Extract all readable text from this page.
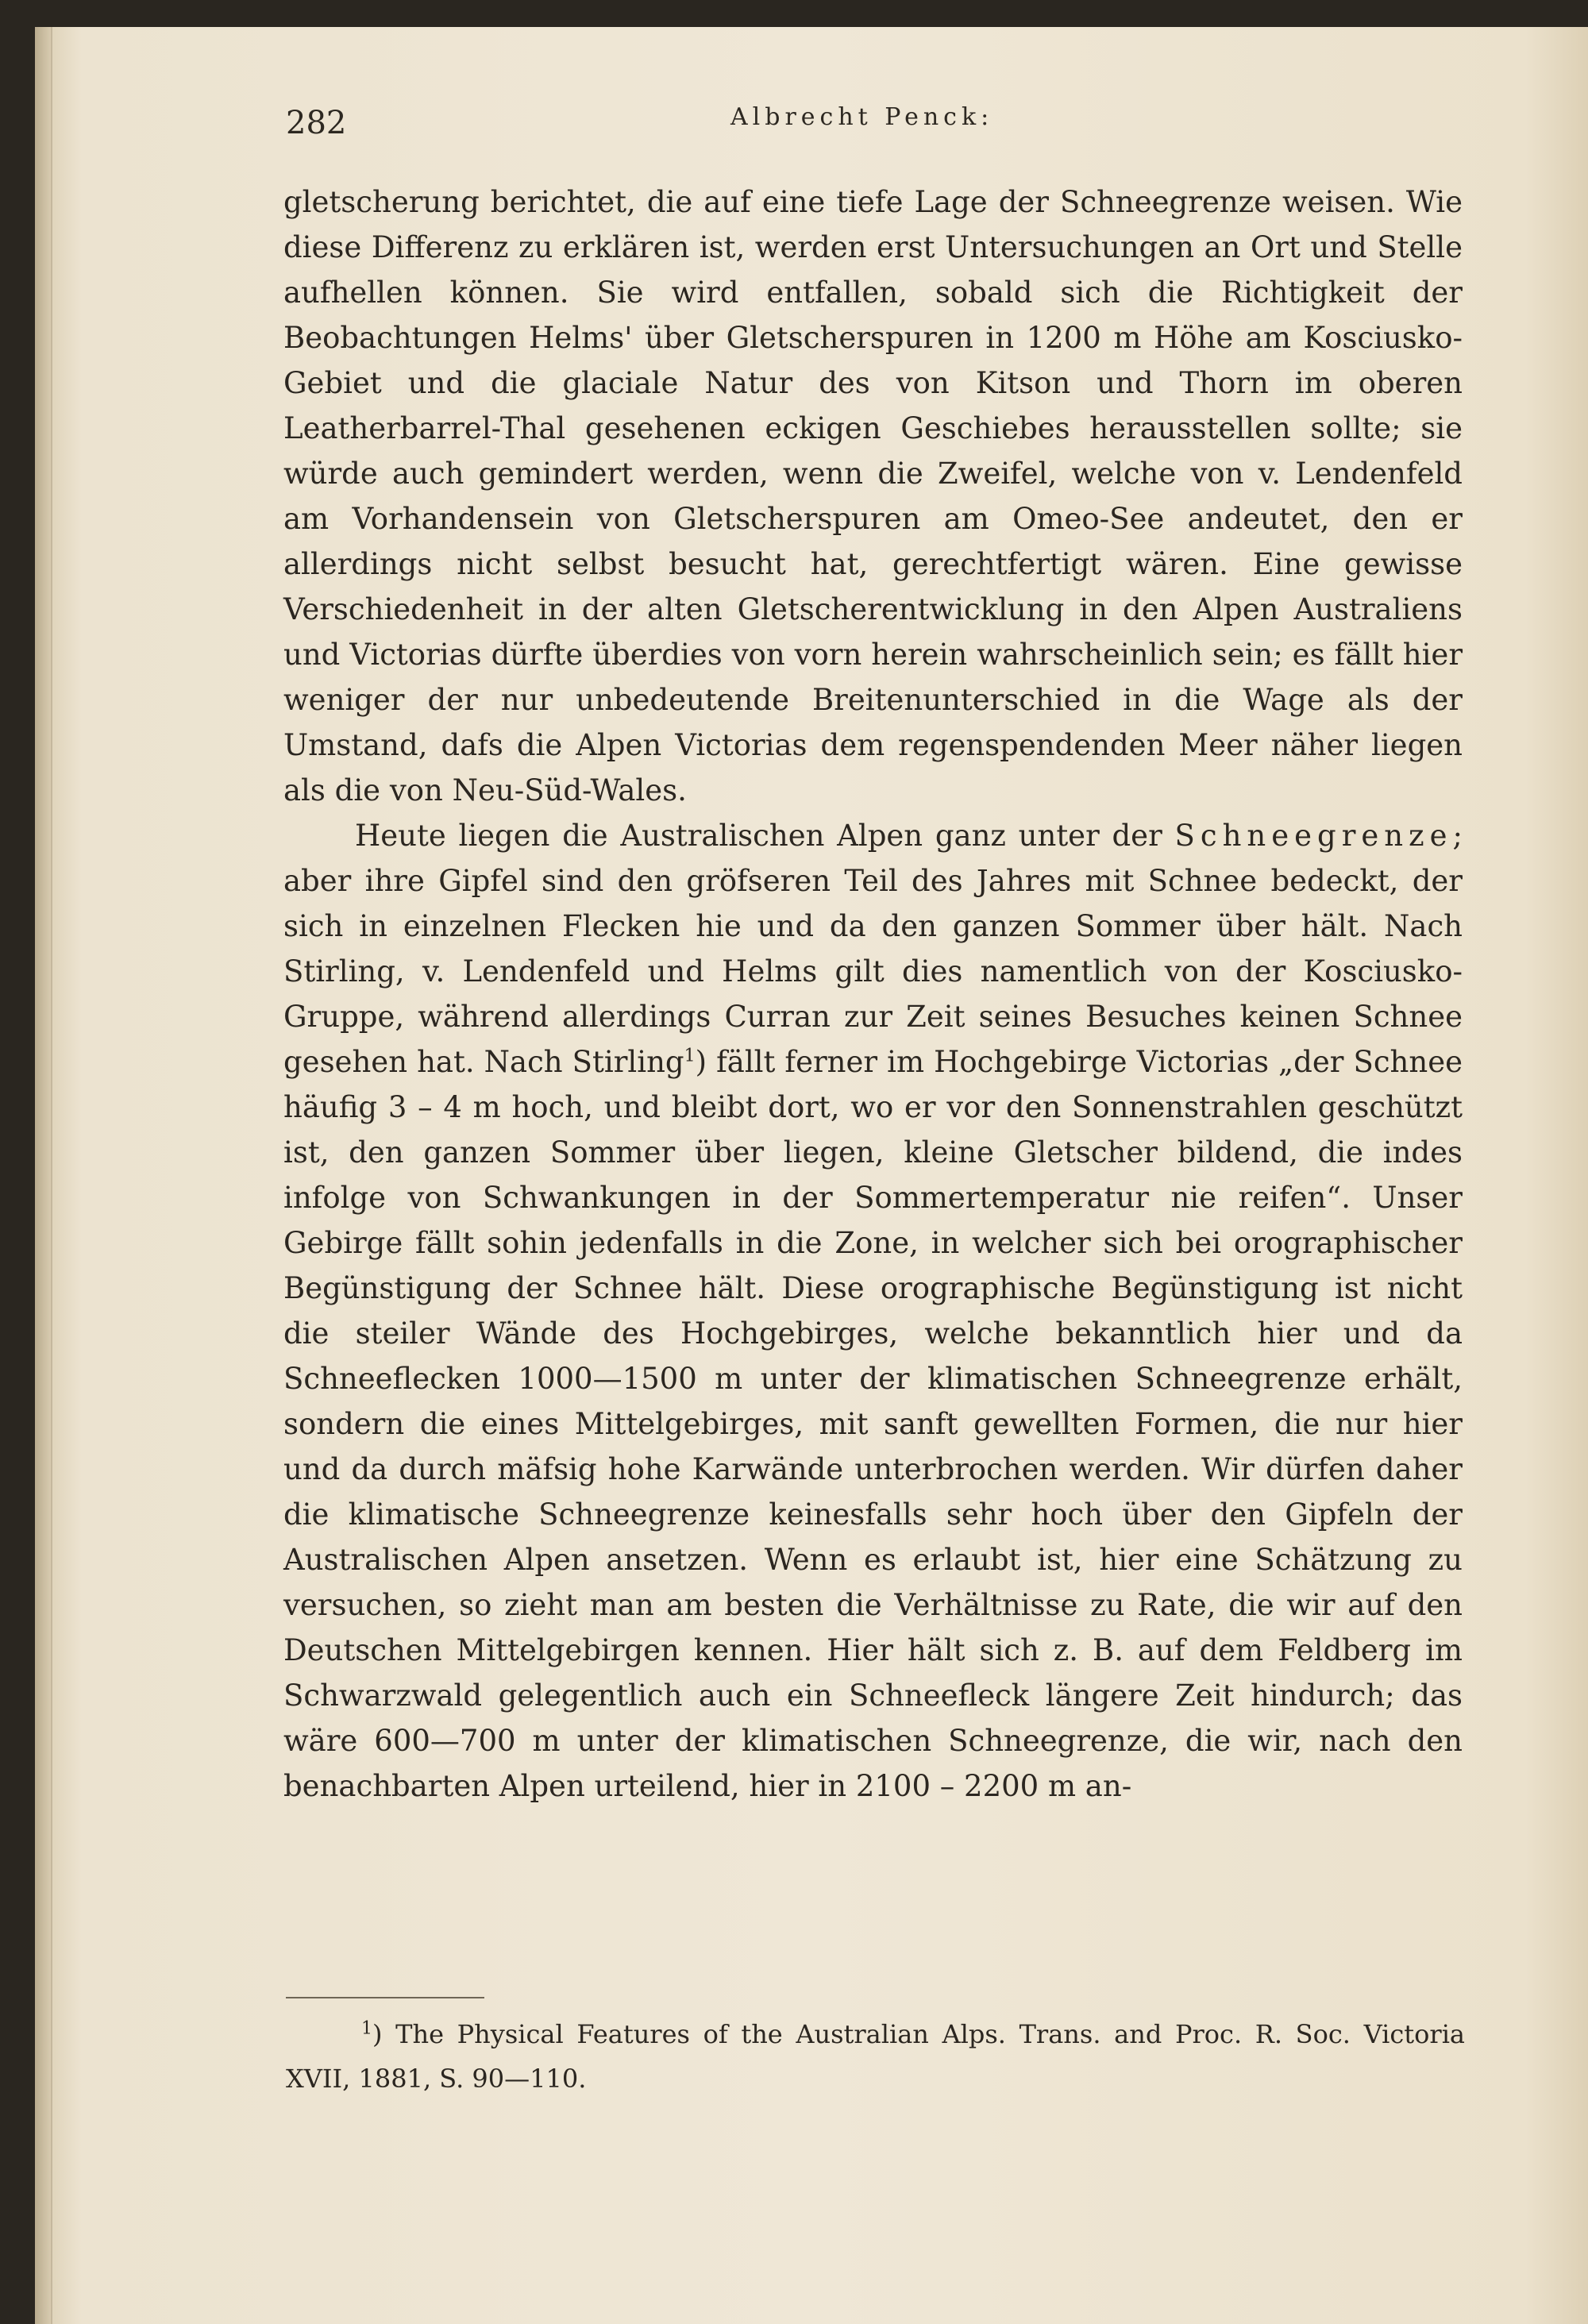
282	Albrecht Penck:

gletscherung berichtet, die auf eine tiefe Lage der Schneegrenze weisen. Wie diese Differenz zu erklären ist, werden erst Untersuchungen an Ort und Stelle aufhellen können. Sie wird entfallen, sobald sich die Richtigkeit der Beobachtungen Helms' über Gletscherspuren in 1200 m Höhe am Kosciusko-Gebiet und die glaciale Natur des von Kitson und Thorn im oberen Leatherbarrel-Thal gesehenen eckigen Geschiebes herausstellen sollte; sie würde auch gemindert werden, wenn die Zweifel, welche von v. Lendenfeld am Vorhandensein von Gletscherspuren am Omeo-See andeutet, den er allerdings nicht selbst besucht hat, gerechtfertigt wären. Eine gewisse Verschiedenheit in der alten Gletscherentwicklung in den Alpen Australiens und Victorias dürfte überdies von vorn herein wahrscheinlich sein; es fällt hier weniger der nur unbedeutende Breitenunterschied in die Wage als der Umstand, dafs die Alpen Victorias dem regenspendenden Meer näher liegen als die von Neu-Süd-Wales.

Heute liegen die Australischen Alpen ganz unter der Schneegrenze; aber ihre Gipfel sind den gröfseren Teil des Jahres mit Schnee bedeckt, der sich in einzelnen Flecken hie und da den ganzen Sommer über hält. Nach Stirling, v. Lendenfeld und Helms gilt dies namentlich von der Kosciusko-Gruppe, während allerdings Curran zur Zeit seines Besuches keinen Schnee gesehen hat. Nach Stirling$^1$) fällt ferner im Hochgebirge Victorias „der Schnee häufig 3 – 4 m hoch, und bleibt dort, wo er vor den Sonnenstrahlen geschützt ist, den ganzen Sommer über liegen, kleine Gletscher bildend, die indes infolge von Schwankungen in der Sommertemperatur nie reifen“. Unser Gebirge fällt sohin jedenfalls in die Zone, in welcher sich bei orographischer Begünstigung der Schnee hält. Diese orographische Begünstigung ist nicht die steiler Wände des Hochgebirges, welche bekanntlich hier und da Schneeflecken 1000—1500 m unter der klimatischen Schneegrenze erhält, sondern die eines Mittelgebirges, mit sanft gewellten Formen, die nur hier und da durch mäfsig hohe Karwände unterbrochen werden. Wir dürfen daher die klimatische Schneegrenze keinesfalls sehr hoch über den Gipfeln der Australischen Alpen ansetzen. Wenn es erlaubt ist, hier eine Schätzung zu versuchen, so zieht man am besten die Verhältnisse zu Rate, die wir auf den Deutschen Mittelgebirgen kennen. Hier hält sich z. B. auf dem Feldberg im Schwarzwald gelegentlich auch ein Schneefleck längere Zeit hindurch; das wäre 600—700 m unter der klimatischen Schneegrenze, die wir, nach den benachbarten Alpen urteilend, hier in 2100 – 2200 m an-

$^1$) The Physical Features of the Australian Alps. Trans. and Proc. R. Soc. Victoria XVII, 1881, S. 90—110.
